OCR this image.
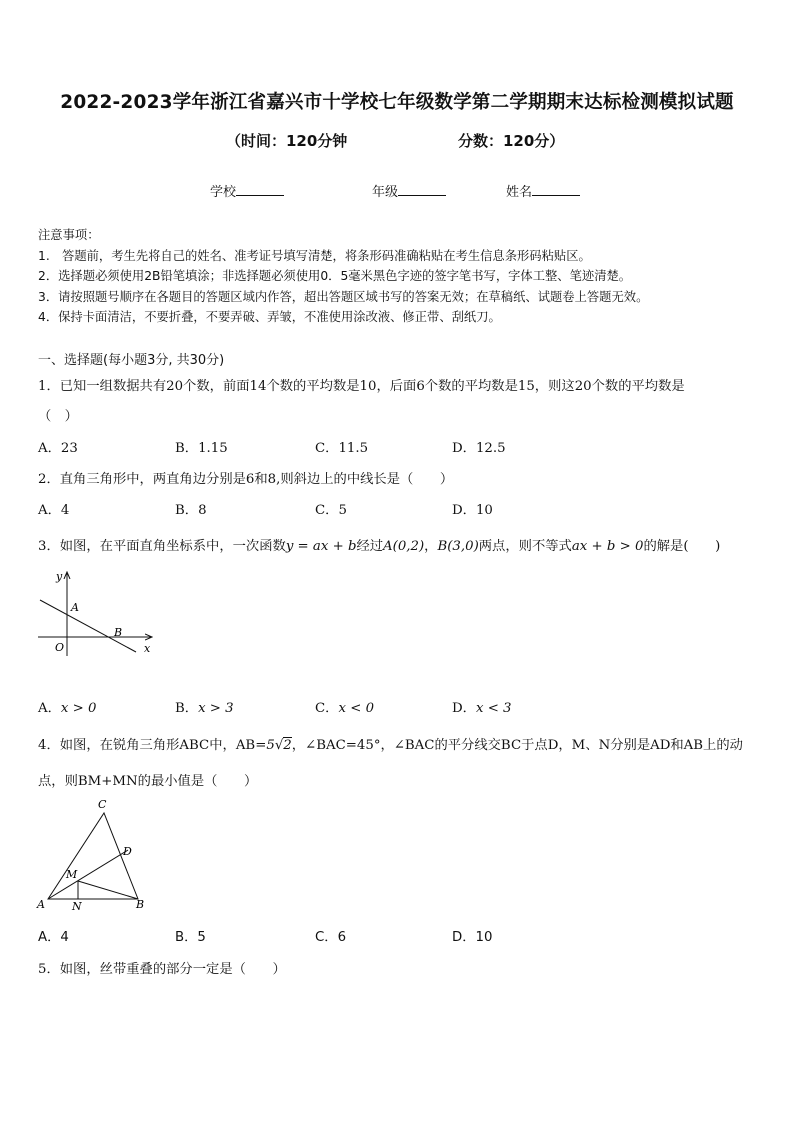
2022-2023学年浙江省嘉兴市十学校七年级数学第二学期期末达标检测模拟试题
（时间：120分钟	分数：120分）
学校	年级	姓名
注意事项：
1.　答题前，考生先将自己的姓名、准考证号填写清楚，将条形码准确粘贴在考生信息条形码粘贴区。
2．选择题必须使用2B铅笔填涂；非选择题必须使用0．5毫米黑色字迹的签字笔书写，字体工整、笔迹清楚。
3．请按照题号顺序在各题目的答题区域内作答，超出答题区域书写的答案无效；在草稿纸、试题卷上答题无效。
4．保持卡面清洁，不要折叠，不要弄破、弄皱，不准使用涂改液、修正带、刮纸刀。
一、选择题(每小题3分, 共30分)
1．已知一组数据共有20个数，前面14个数的平均数是10，后面6个数的平均数是15，则这20个数的平均数是
（　）
A．23	B．1.15	C．11.5	D．12.5
2．直角三角形中，两直角边分别是6和8,则斜边上的中线长是（　　）
A．4	B．8	C．5	D．10
3．如图，在平面直角坐标系中，一次函数y = ax + b经过A(0,2)，B(3,0)两点，则不等式ax + b > 0的解是(　　)
y
x
A
B
O
A．x > 0	B．x > 3	C．x < 0	D．x < 3
4．如图，在锐角三角形ABC中，AB=5√2，∠BAC=45°，∠BAC的平分线交BC于点D，M、N分别是AD和AB上的动
点，则BM+MN的最小值是（　　）
C
D
M
A N	B
A．4	B．5	C．6	D．10
5．如图，丝带重叠的部分一定是（　　）
